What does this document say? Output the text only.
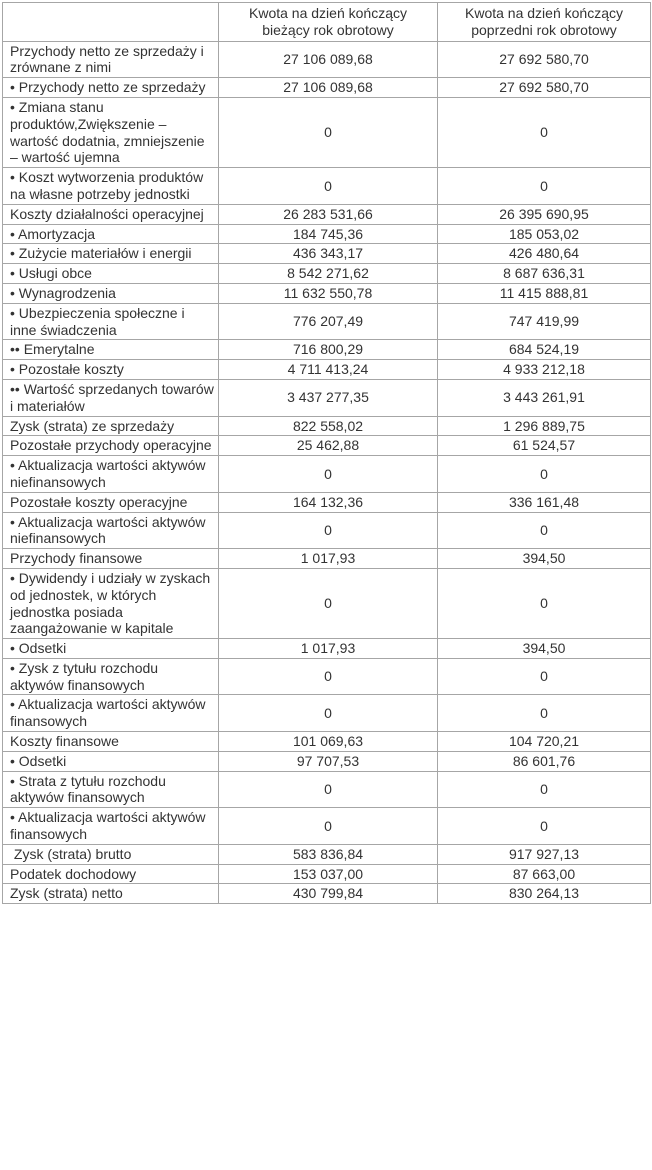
	Kwota na dzień kończący bieżący rok obrotowy	Kwota na dzień kończący poprzedni rok obrotowy
Przychody netto ze sprzedaży i zrównane z nimi	27 106 089,68	27 692 580,70
• Przychody netto ze sprzedaży	27 106 089,68	27 692 580,70
• Zmiana stanu produktów,Zwiększenie – wartość dodatnia, zmniejszenie – wartość ujemna	0	0
• Koszt wytworzenia produktów na własne potrzeby jednostki	0	0
Koszty działalności operacyjnej	26 283 531,66	26 395 690,95
• Amortyzacja	184 745,36	185 053,02
• Zużycie materiałów i energii	436 343,17	426 480,64
• Usługi obce	8 542 271,62	8 687 636,31
• Wynagrodzenia	11 632 550,78	11 415 888,81
• Ubezpieczenia społeczne i inne świadczenia	776 207,49	747 419,99
•• Emerytalne	716 800,29	684 524,19
• Pozostałe koszty	4 711 413,24	4 933 212,18
•• Wartość sprzedanych towarów i materiałów	3 437 277,35	3 443 261,91
Zysk (strata) ze sprzedaży	822 558,02	1 296 889,75
Pozostałe przychody operacyjne	25 462,88	61 524,57
• Aktualizacja wartości aktywów niefinansowych	0	0
Pozostałe koszty operacyjne	164 132,36	336 161,48
• Aktualizacja wartości aktywów niefinansowych	0	0
Przychody finansowe	1 017,93	394,50
• Dywidendy i udziały w zyskach od jednostek, w których jednostka posiada zaangażowanie w kapitale	0	0
• Odsetki	1 017,93	394,50
• Zysk z tytułu rozchodu aktywów finansowych	0	0
• Aktualizacja wartości aktywów finansowych	0	0
Koszty finansowe	101 069,63	104 720,21
• Odsetki	97 707,53	86 601,76
• Strata z tytułu rozchodu aktywów finansowych	0	0
• Aktualizacja wartości aktywów finansowych	0	0
Zysk (strata) brutto	583 836,84	917 927,13
Podatek dochodowy	153 037,00	87 663,00
Zysk (strata) netto	430 799,84	830 264,13
